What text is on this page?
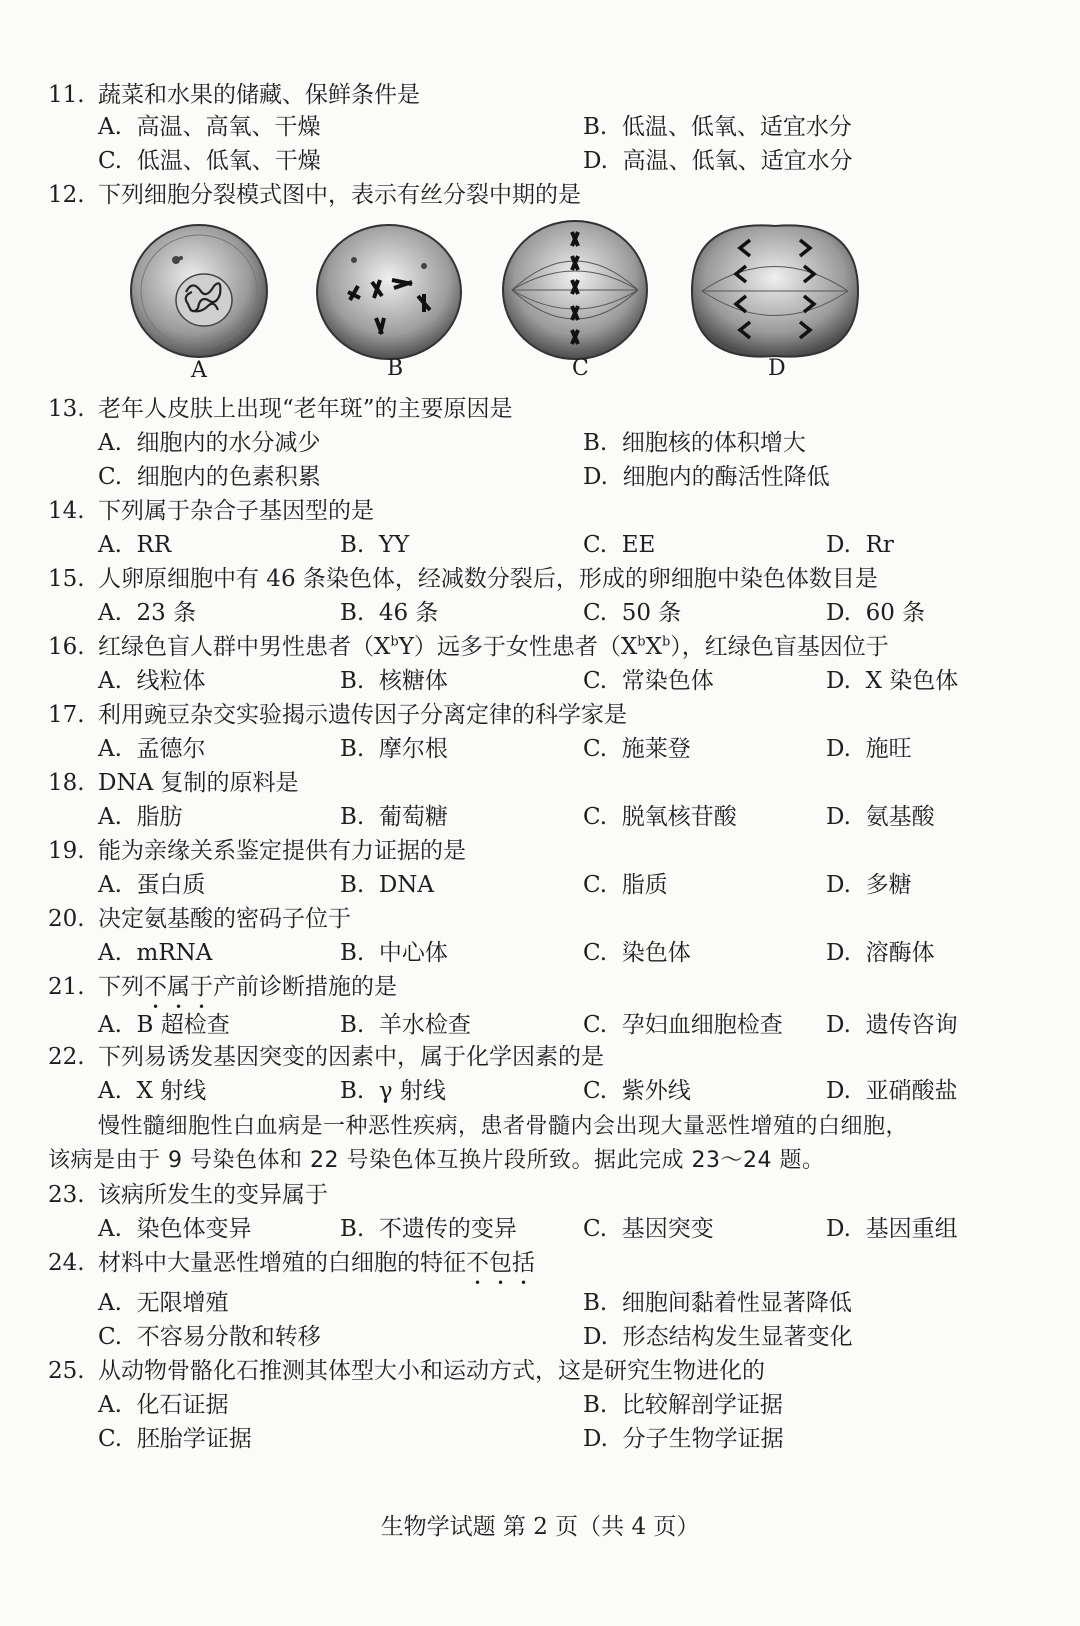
11. 蔬菜和水果的储藏、保鲜条件是
A. 高温、高氧、干燥	B. 低温、低氧、适宜水分
C. 低温、低氧、干燥	D. 高温、低氧、适宜水分
12. 下列细胞分裂模式图中，表示有丝分裂中期的是
A	B	C	D
13. 老年人皮肤上出现“老年斑”的主要原因是
A. 细胞内的水分减少	B. 细胞核的体积增大
C. 细胞内的色素积累	D. 细胞内的酶活性降低
14. 下列属于杂合子基因型的是
A. RR	B. YY	C. EE	D. Rr
15. 人卵原细胞中有 46 条染色体，经减数分裂后，形成的卵细胞中染色体数目是
A. 23 条	B. 46 条	C. 50 条	D. 60 条
16. 红绿色盲人群中男性患者$(X^bY)$远多于女性患者$(X^bX^b)$，红绿色盲基因位于
A. 线粒体	B. 核糖体	C. 常染色体	D. X 染色体
17. 利用豌豆杂交实验揭示遗传因子分离定律的科学家是
A. 孟德尔	B. 摩尔根	C. 施莱登	D. 施旺
18. DNA 复制的原料是
A. 脂肪	B. 葡萄糖	C. 脱氧核苷酸	D. 氨基酸
19. 能为亲缘关系鉴定提供有力证据的是
A. 蛋白质	B. DNA	C. 脂质	D. 多糖
20. 决定氨基酸的密码子位于
A. mRNA	B. 中心体	C. 染色体	D. 溶酶体
21. 下列不属于产前诊断措施的是
A. B 超检查	B. 羊水检查	C. 孕妇血细胞检查 D. 遗传咨询
22. 下列易诱发基因突变的因素中，属于化学因素的是
A. X 射线	B. γ 射线	C. 紫外线	D. 亚硝酸盐
慢性髓细胞性白血病是一种恶性疾病，患者骨髓内会出现大量恶性增殖的白细胞，
该病是由于 9 号染色体和 22 号染色体互换片段所致。据此完成 23～24 题。
23. 该病所发生的变异属于
A. 染色体变异	B. 不遗传的变异	C. 基因突变	D. 基因重组
24. 材料中大量恶性增殖的白细胞的特征不包括
A. 无限增殖	B. 细胞间黏着性显著降低
C. 不容易分散和转移	D. 形态结构发生显著变化
25. 从动物骨骼化石推测其体型大小和运动方式，这是研究生物进化的
A. 化石证据	B. 比较解剖学证据
C. 胚胎学证据	D. 分子生物学证据
生物学试题 第 2 页（共 4 页）
